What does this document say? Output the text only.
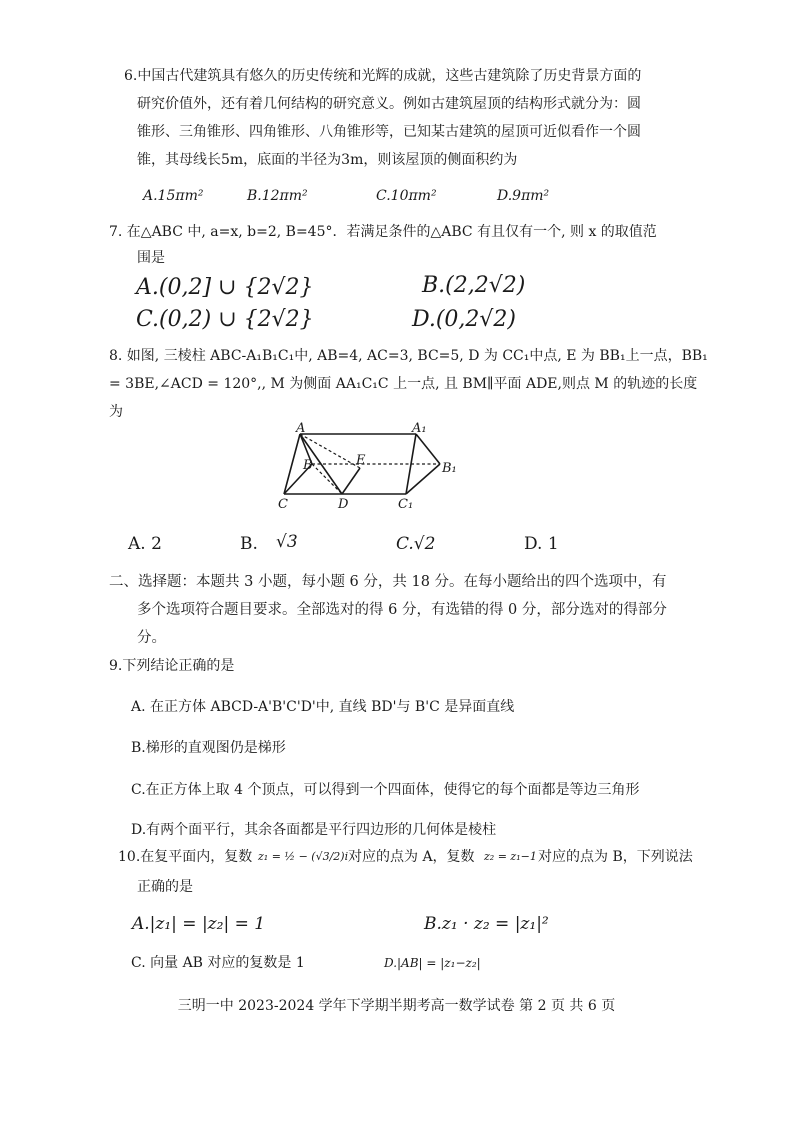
6.中国古代建筑具有悠久的历史传统和光辉的成就，这些古建筑除了历史背景方面的
研究价值外，还有着几何结构的研究意义。例如古建筑屋顶的结构形式就分为：圆
锥形、三角锥形、四角锥形、八角锥形等，已知某古建筑的屋顶可近似看作一个圆
锥，其母线长5m，底面的半径为3m，则该屋顶的侧面积约为
A.15πm²	B.12πm²	C.10πm²	D.9πm²
7. 在△ABC 中, a=x, b=2, B=45°．若满足条件的△ABC 有且仅有一个, 则 x 的取值范
围是
A.(0,2] ∪ {2√2}	B.(2,2√2)
C.(0,2) ∪ {2√2}	D.(0,2√2)
8. 如图, 三棱柱 ABC-A₁B₁C₁中, AB=4, AC=3, BC=5, D 为 CC₁中点, E 为 BB₁上一点，BB₁
= 3BE,∠ACD = 120°,, M 为侧面 AA₁C₁C 上一点, 且 BM∥平面 ADE,则点 M 的轨迹的长度
为
A	A₁
B	B₁
C	C₁
D
E
A. 2	B. √3	C.√2	D. 1
二、选择题：本题共 3 小题，每小题 6 分，共 18 分。在每小题给出的四个选项中，有
多个选项符合题目要求。全部选对的得 6 分，有选错的得 0 分，部分选对的得部分
分。
9.下列结论正确的是
A. 在正方体 ABCD-A'B'C'D'中, 直线 BD'与 B'C 是异面直线
B.梯形的直观图仍是梯形
C.在正方体上取 4 个顶点，可以得到一个四面体，使得它的每个面都是等边三角形
D.有两个面平行，其余各面都是平行四边形的几何体是棱柱
10.在复平面内，复数 z₁ = ½ − (√3/2)i 对应的点为 A，复数 z₂ = z₁−1 对应的点为 B，下列说法
正确的是
A.|z₁| = |z₂| = 1	B.z₁ · z₂ = |z₁|²
C. 向量 AB 对应的复数是 1	D.|AB| = |z₁−z₂|
三明一中 2023-2024 学年下学期半期考高一数学试卷 第 2 页 共 6 页
